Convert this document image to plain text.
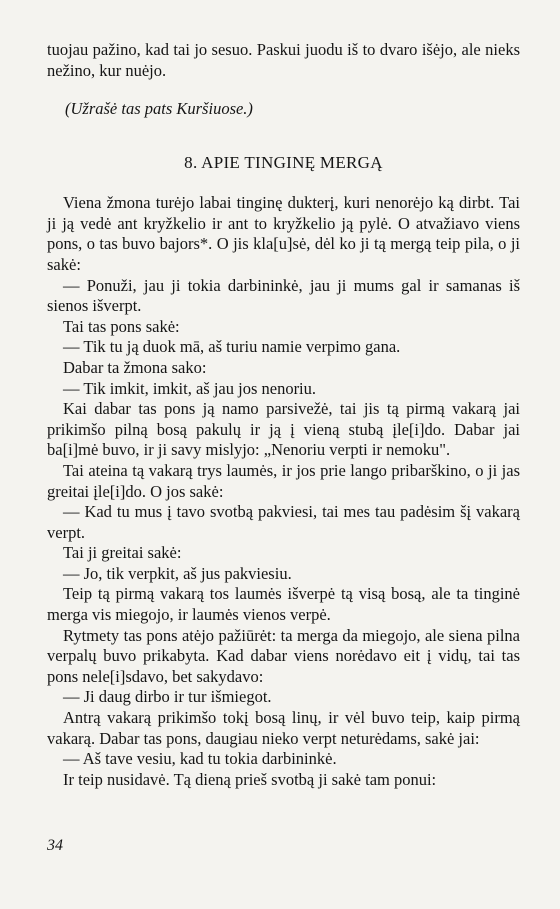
tuojau pažino, kad tai jo sesuo. Paskui juodu iš to dvaro išėjo, ale nieks nežino, kur nuėjo.

(Užrašė tas pats Kuršiuose.)

8. APIE TINGINĘ MERGĄ

Viena žmona turėjo labai tinginę dukterį, kuri nenorėjo ką dirbt. Tai ji ją vedė ant kryžkelio ir ant to kryžkelio ją pylė. O atvažiavo viens pons, o tas buvo bajors*. O jis kla[u]sė, dėl ko ji tą mergą teip pila, o ji sakė:

— Ponuži, jau ji tokia darbininkė, jau ji mums gal ir samanas iš sienos išverpt.

Tai tas pons sakė:

— Tik tu ją duok mā, aš turiu namie verpimo gana.

Dabar ta žmona sako:

— Tik imkit, imkit, aš jau jos nenoriu.

Kai dabar tas pons ją namo parsivežė, tai jis tą pirmą vakarą jai prikimšo pilną bosą pakulų ir ją į vieną stubą įle[i]do. Dabar jai ba[i]mė buvo, ir ji savy mislyjo: „Nenoriu verpti ir nemoku".

Tai ateina tą vakarą trys laumės, ir jos prie lango pribarškino, o ji jas greitai įle[i]do. O jos sakė:

— Kad tu mus į tavo svotbą pakviesi, tai mes tau padėsim šį vakarą verpt.

Tai ji greitai sakė:

— Jo, tik verpkit, aš jus pakviesiu.

Teip tą pirmą vakarą tos laumės išverpė tą visą bosą, ale ta tinginė merga vis miegojo, ir laumės vienos verpė.

Rytmety tas pons atėjo pažiūrėt: ta merga da miegojo, ale siena pilna verpalų buvo prikabyta. Kad dabar viens norėdavo eit į vidų, tai tas pons nele[i]sdavo, bet sakydavo:

— Ji daug dirbo ir tur išmiegot.

Antrą vakarą prikimšo tokį bosą linų, ir vėl buvo teip, kaip pirmą vakarą. Dabar tas pons, daugiau nieko verpt neturėdams, sakė jai:

— Aš tave vesiu, kad tu tokia darbininkė.

Ir teip nusidavė. Tą dieną prieš svotbą ji sakė tam ponui:

34
